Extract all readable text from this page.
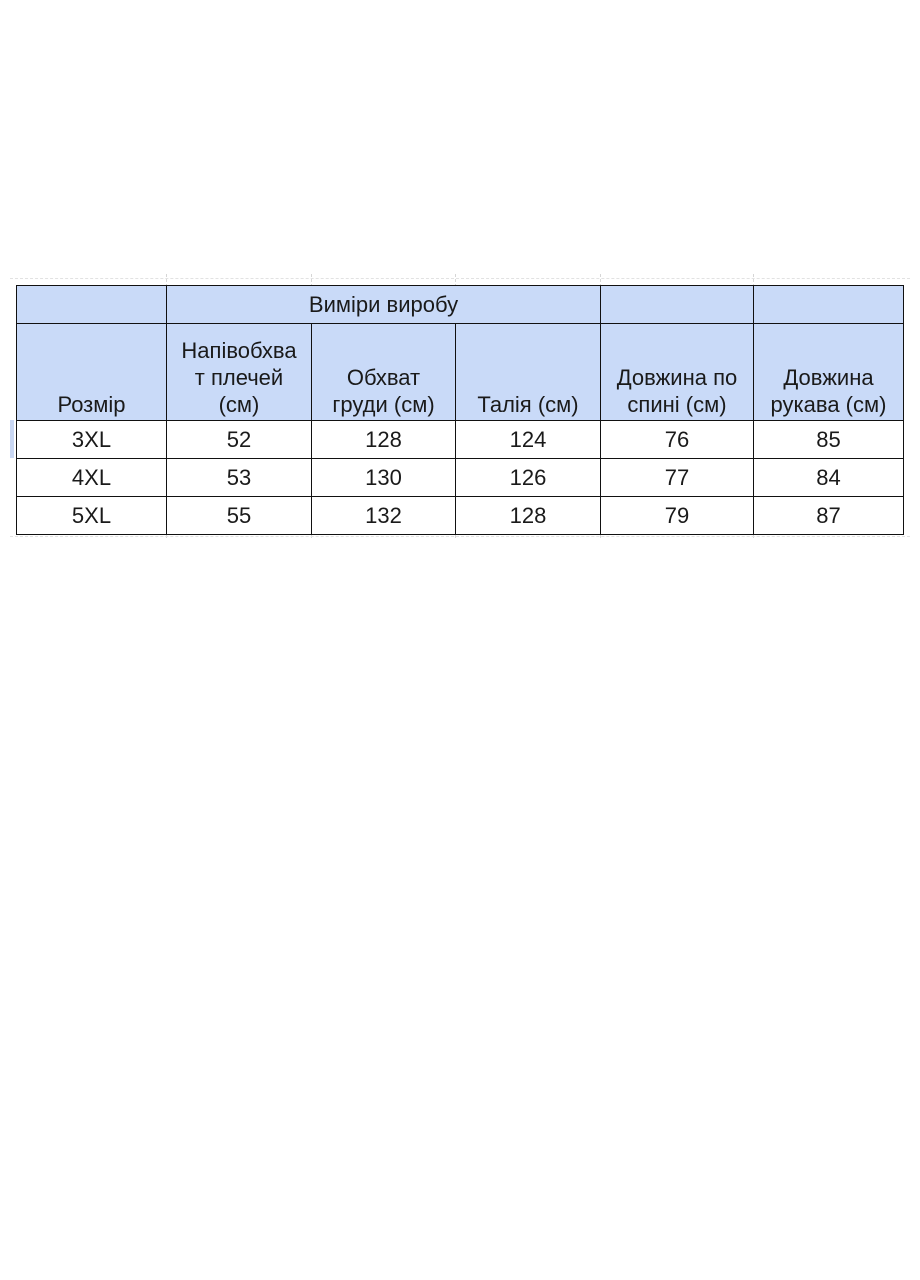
	Виміри виробу				

Розмір	Напівобхва
т плечей
(см)	Обхват
груди (см)	Талія (см)	Довжина по
спині (см)	Довжина
рукава (см)

3XL	52	128	124	76	85
4XL	53	130	126	77	84
5XL	55	132	128	79	87
